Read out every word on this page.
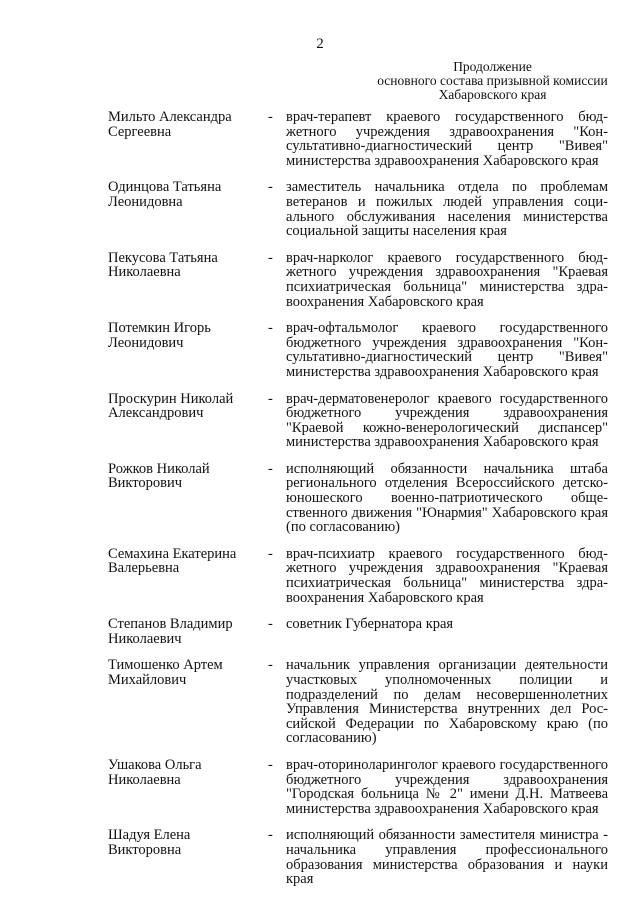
2
Продолжение
основного состава призывной комиссии
Хабаровского края
Мильто Александра
Сергеевна
- врач-терапевт краевого государственного бюджетного учреждения здравоохранения "Консультативно-диагностический центр "Вивея" министерства здравоохранения Хабаровского края
Одинцова Татьяна
Леонидовна
- заместитель начальника отдела по проблемам ветеранов и пожилых людей управления социального обслуживания населения министерства социальной защиты населения края
Пекусова Татьяна
Николаевна
- врач-нарколог краевого государственного бюджетного учреждения здравоохранения "Краевая психиатрическая больница" министерства здравоохранения Хабаровского края
Потемкин Игорь
Леонидович
- врач-офтальмолог краевого государственного бюджетного учреждения здравоохранения "Консультативно-диагностический центр "Вивея" министерства здравоохранения Хабаровского края
Проскурин Николай
Александрович
- врач-дерматовенеролог краевого государственного бюджетного учреждения здравоохранения "Краевой кожно-венерологический диспансер" министерства здравоохранения Хабаровского края
Рожков Николай
Викторович
- исполняющий обязанности начальника штаба регионального отделения Всероссийского детско-юношеского военно-патриотического общественного движения "Юнармия" Хабаровского края (по согласованию)
Семахина Екатерина
Валерьевна
- врач-психиатр краевого государственного бюджетного учреждения здравоохранения "Краевая психиатрическая больница" министерства здравоохранения Хабаровского края
Степанов Владимир
Николаевич
- советник Губернатора края
Тимошенко Артем
Михайлович
- начальник управления организации деятельности участковых уполномоченных полиции и подразделений по делам несовершеннолетних Управления Министерства внутренних дел Российской Федерации по Хабаровскому краю (по согласованию)
Ушакова Ольга
Николаевна
- врач-оториноларинголог краевого государственного бюджетного учреждения здравоохранения "Городская больница № 2" имени Д.Н. Матвеева министерства здравоохранения Хабаровского края
Шадуя Елена
Викторовна
- исполняющий обязанности заместителя министра - начальника управления профессионального образования министерства образования и науки края
